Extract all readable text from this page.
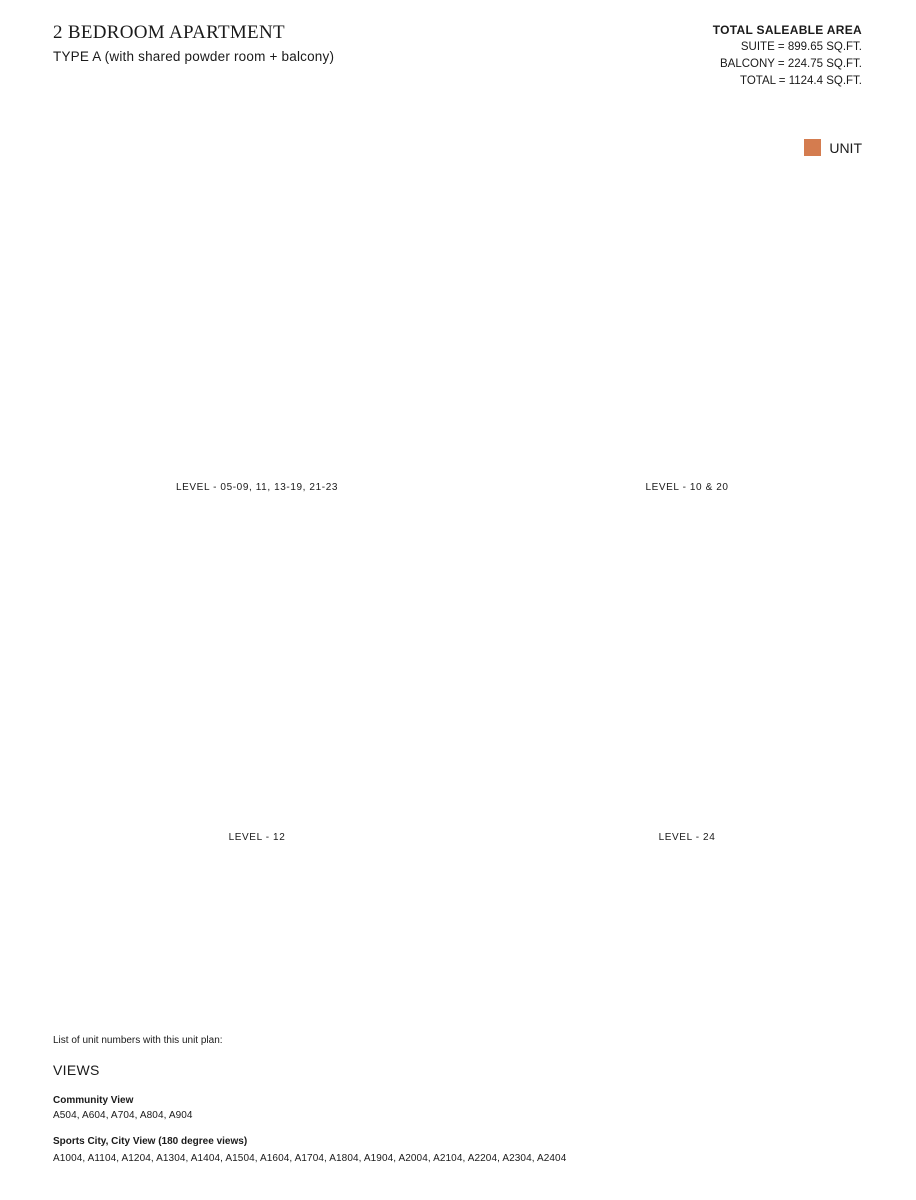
2 BEDROOM APARTMENT
TYPE A (with shared powder room + balcony)
TOTAL SALEABLE AREA
SUITE = 899.65 SQ.FT.
BALCONY = 224.75 SQ.FT.
TOTAL = 1124.4 SQ.FT.
UNIT
LEVEL - 05-09, 11, 13-19, 21-23	LEVEL - 10 & 20
LEVEL - 12	LEVEL - 24
List of unit numbers with this unit plan:
VIEWS
Community View
A504, A604, A704, A804, A904
Sports City, City View (180 degree views)
A1004, A1104, A1204, A1304, A1404, A1504, A1604, A1704, A1804, A1904, A2004, A2104, A2204, A2304, A2404
